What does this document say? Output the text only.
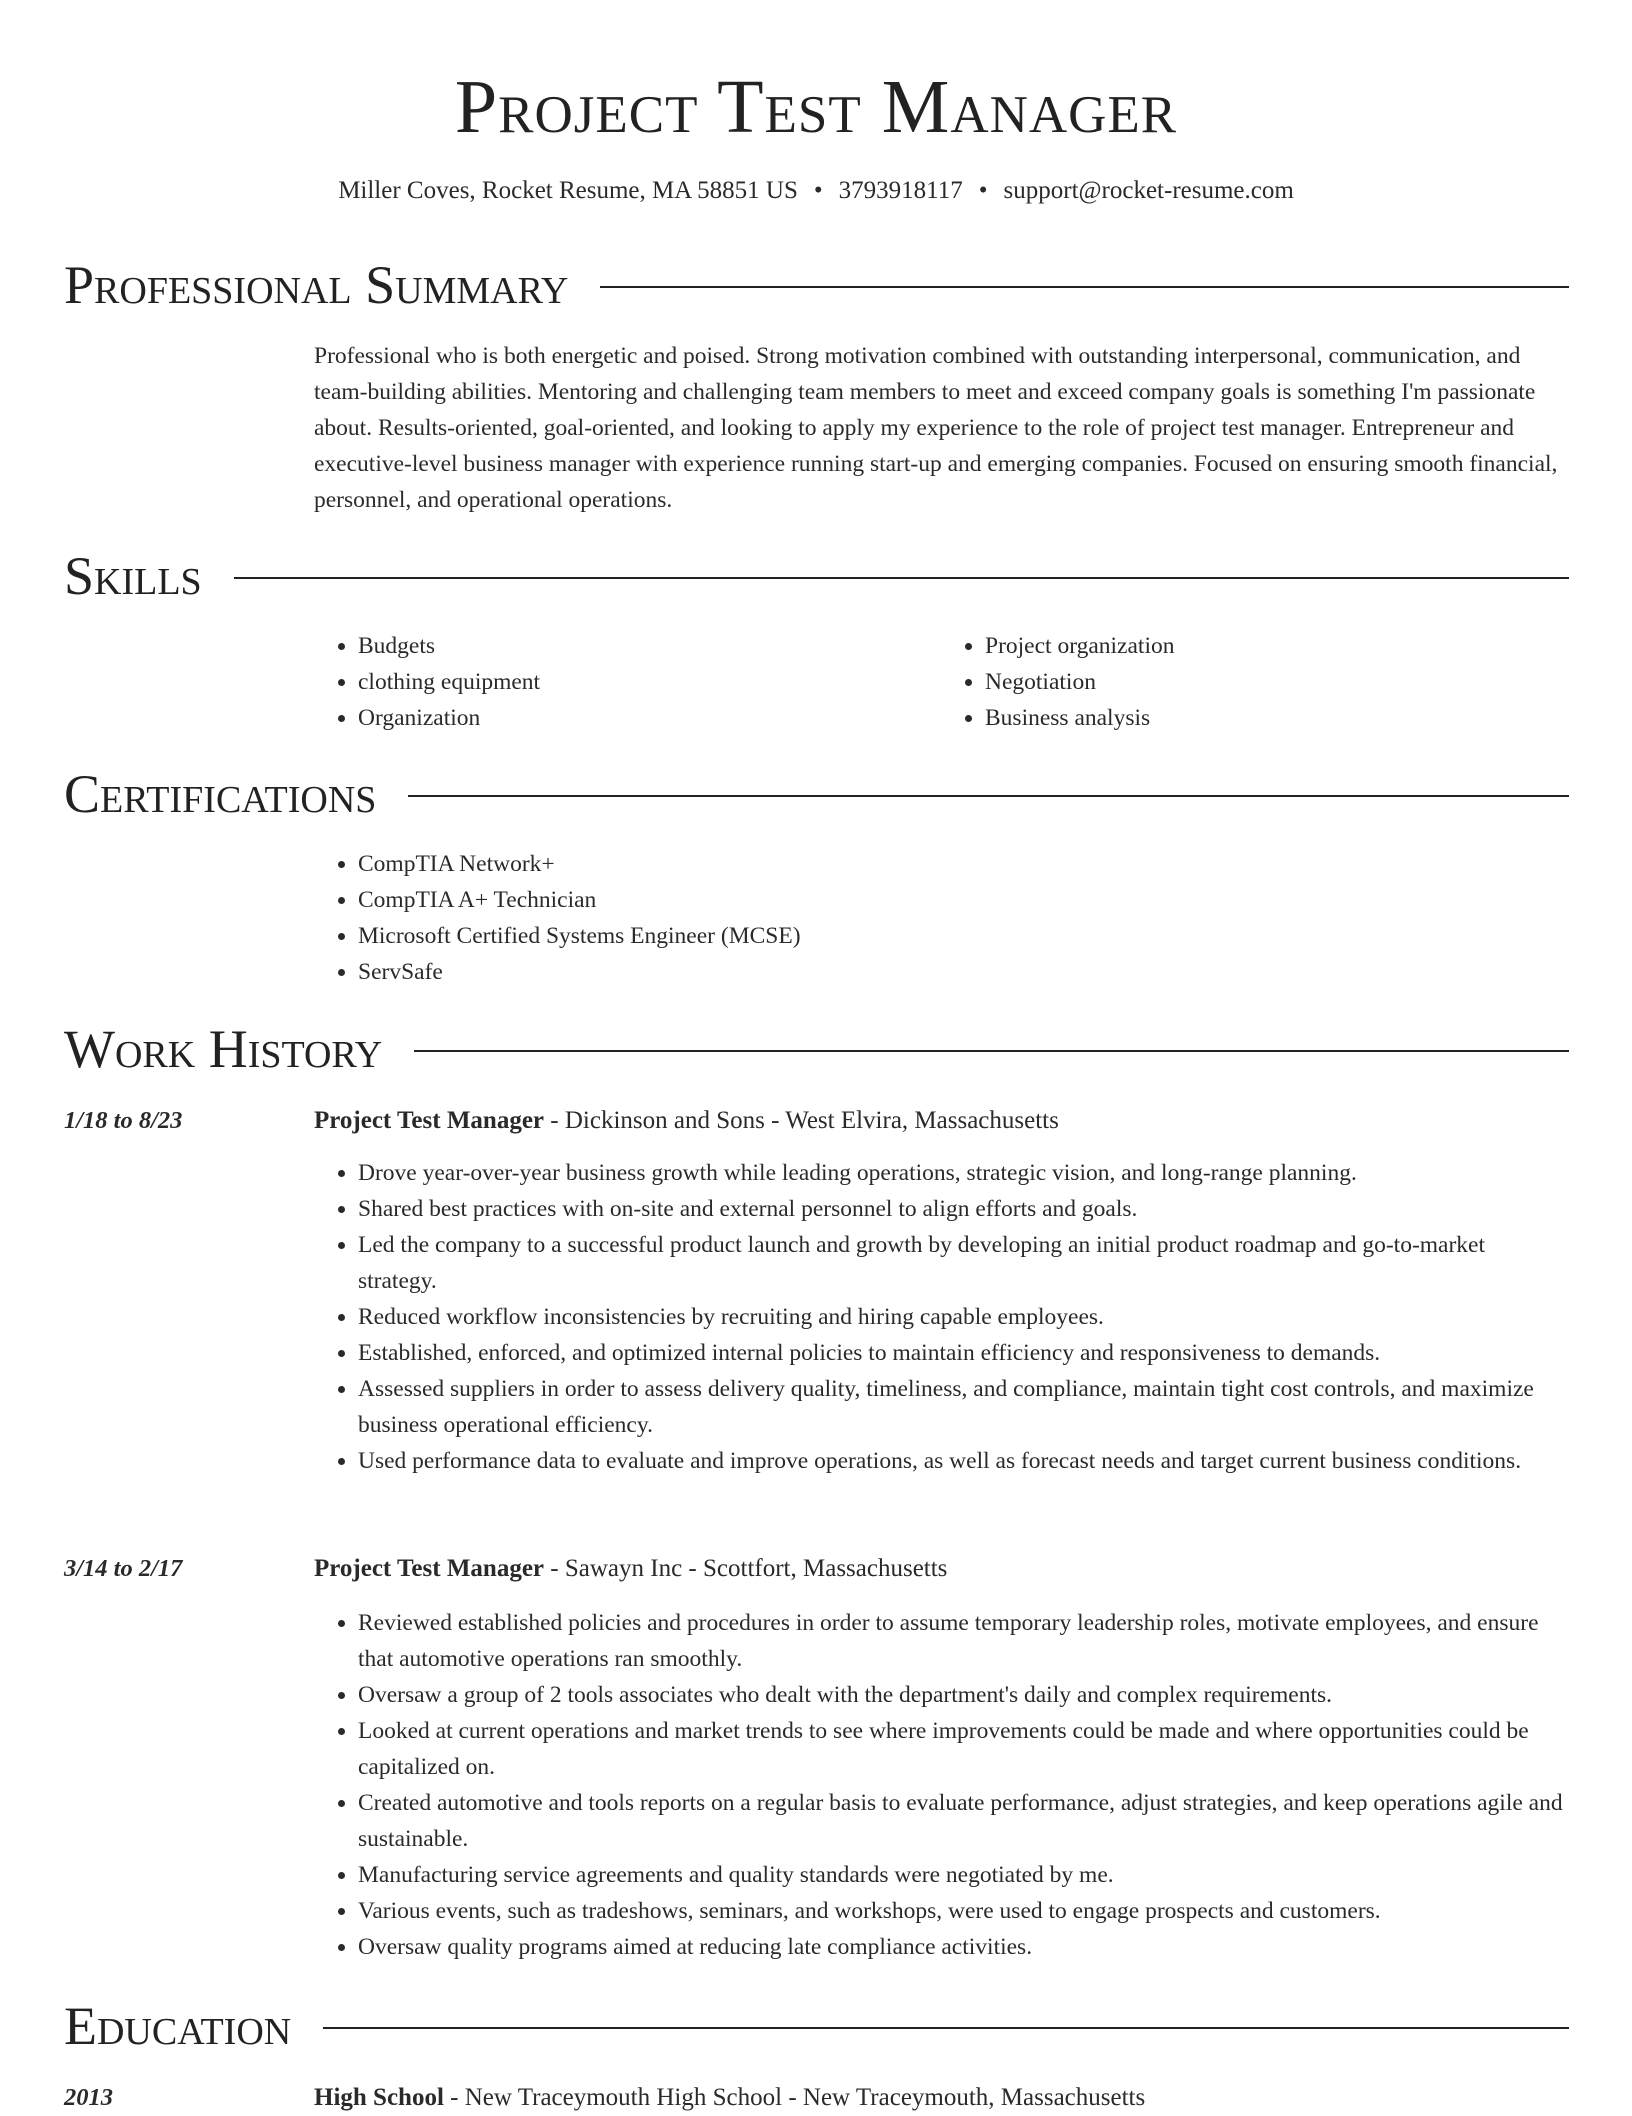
Project Test Manager
Miller Coves, Rocket Resume, MA 58851 US • 3793918117 • support@rocket-resume.com
Professional Summary

Professional who is both energetic and poised. Strong motivation combined with outstanding interpersonal, communication, and team-building abilities. Mentoring and challenging team members to meet and exceed company goals is something I'm passionate about. Results-oriented, goal-oriented, and looking to apply my experience to the role of project test manager. Entrepreneur and executive-level business manager with experience running start-up and emerging companies. Focused on ensuring smooth financial, personnel, and operational operations.

Skills
• Budgets
• clothing equipment
• Organization
• Project organization
• Negotiation
• Business analysis
Certifications
• CompTIA Network+
• CompTIA A+ Technician
• Microsoft Certified Systems Engineer (MCSE)
• ServSafe
Work History
1/18 to 8/23	Project Test Manager - Dickinson and Sons - West Elvira, Massachusetts
• Drove year-over-year business growth while leading operations, strategic vision, and long-range planning.
• Shared best practices with on-site and external personnel to align efforts and goals.
• Led the company to a successful product launch and growth by developing an initial product roadmap and go-to-market strategy.
• Reduced workflow inconsistencies by recruiting and hiring capable employees.
• Established, enforced, and optimized internal policies to maintain efficiency and responsiveness to demands.
• Assessed suppliers in order to assess delivery quality, timeliness, and compliance, maintain tight cost controls, and maximize business operational efficiency.
• Used performance data to evaluate and improve operations, as well as forecast needs and target current business conditions.
3/14 to 2/17	Project Test Manager - Sawayn Inc - Scottfort, Massachusetts
• Reviewed established policies and procedures in order to assume temporary leadership roles, motivate employees, and ensure that automotive operations ran smoothly.
• Oversaw a group of 2 tools associates who dealt with the department's daily and complex requirements.
• Looked at current operations and market trends to see where improvements could be made and where opportunities could be capitalized on.
• Created automotive and tools reports on a regular basis to evaluate performance, adjust strategies, and keep operations agile and sustainable.
• Manufacturing service agreements and quality standards were negotiated by me.
• Various events, such as tradeshows, seminars, and workshops, were used to engage prospects and customers.
• Oversaw quality programs aimed at reducing late compliance activities.
Education
2013	High School - New Traceymouth High School - New Traceymouth, Massachusetts
